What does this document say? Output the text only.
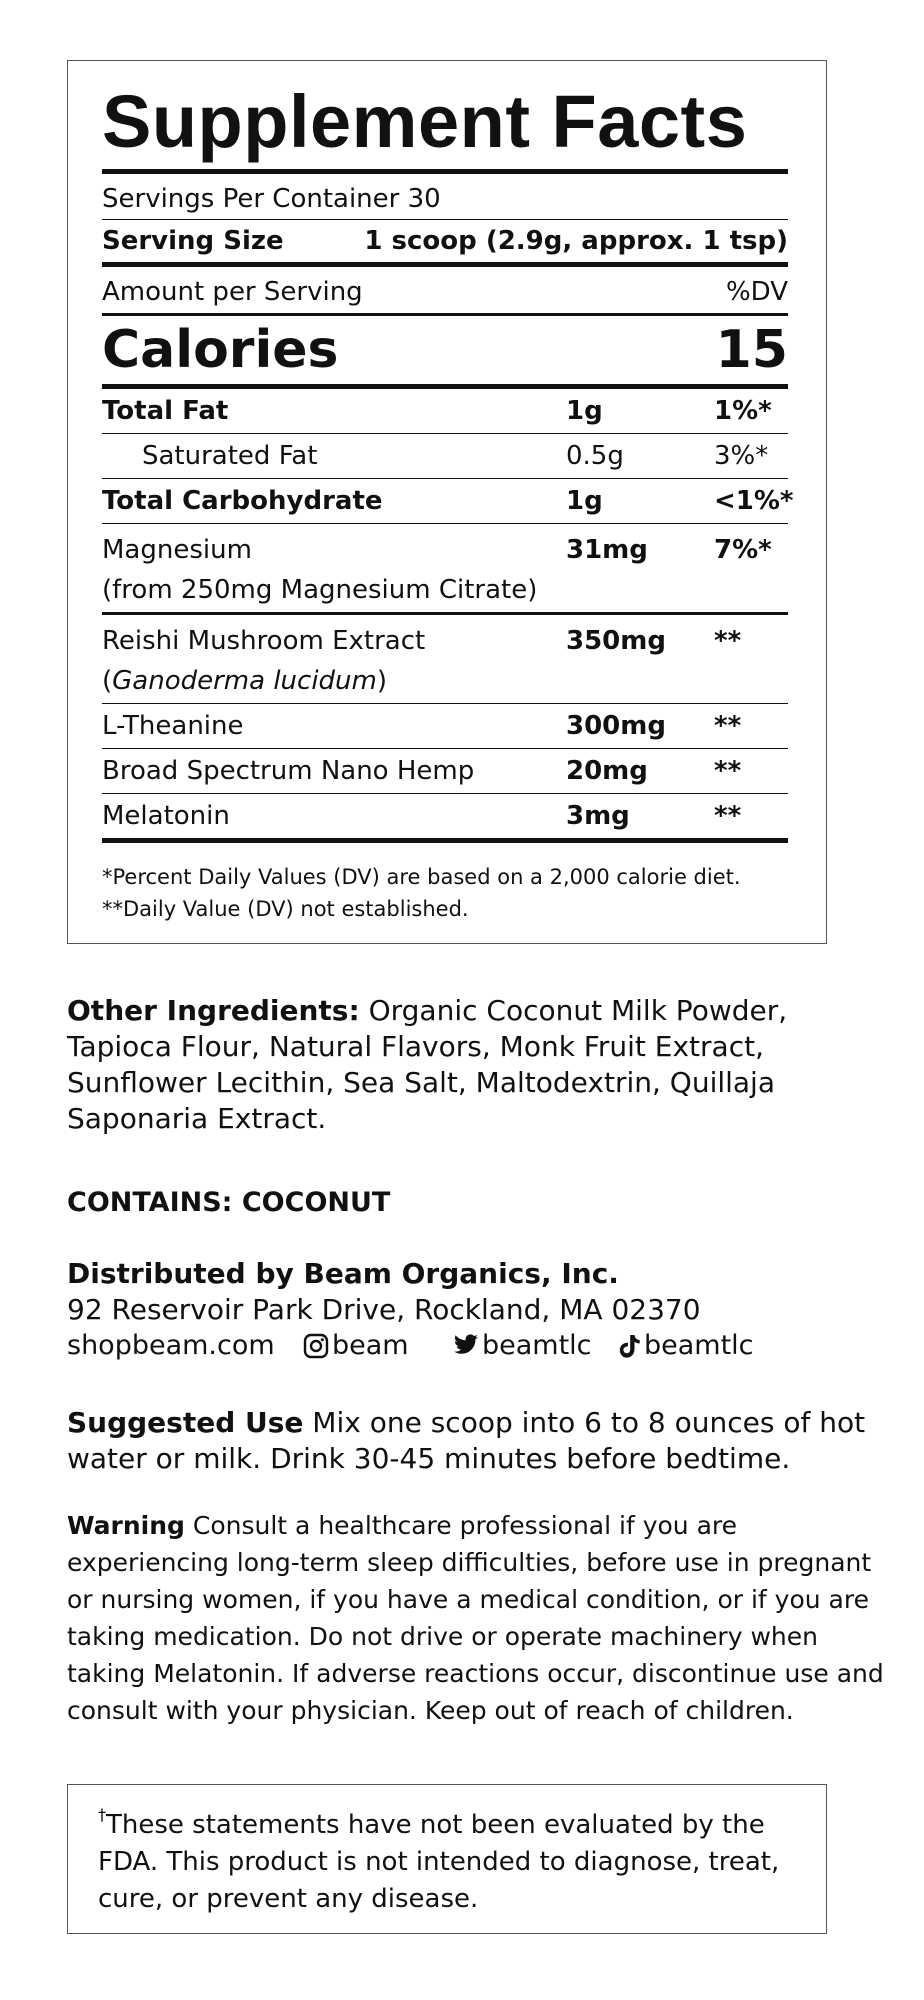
Supplement Facts
Servings Per Container 30
Serving Size	1 scoop (2.9g, approx. 1 tsp)
Amount per Serving	%DV
Calories	15
Total Fat	1g	1%*
Saturated Fat	0.5g	3%*
Total Carbohydrate	1g	<1%*
Magnesium
(from 250mg Magnesium Citrate)
31mg	7%*
Reishi Mushroom Extract
(Ganoderma lucidum)
350mg	**
L-Theanine	300mg	**
Broad Spectrum Nano Hemp	20mg	**
Melatonin	3mg	**
*Percent Daily Values (DV) are based on a 2,000 calorie diet.
**Daily Value (DV) not established.
Other Ingredients: Organic Coconut Milk Powder, Tapioca Flour, Natural Flavors, Monk Fruit Extract, Sunflower Lecithin, Sea Salt, Maltodextrin, Quillaja Saponaria Extract.
CONTAINS: COCONUT
Distributed by Beam Organics, Inc.
92 Reservoir Park Drive, Rockland, MA 02370
shopbeam.com	beam	beamtlc beamtlc
Suggested Use Mix one scoop into 6 to 8 ounces of hot water or milk. Drink 30-45 minutes before bedtime.
Warning Consult a healthcare professional if you are experiencing long-term sleep difficulties, before use in pregnant or nursing women, if you have a medical condition, or if you are taking medication. Do not drive or operate machinery when taking Melatonin. If adverse reactions occur, discontinue use and consult with your physician. Keep out of reach of children.
†These statements have not been evaluated by the FDA. This product is not intended to diagnose, treat, cure, or prevent any disease.
